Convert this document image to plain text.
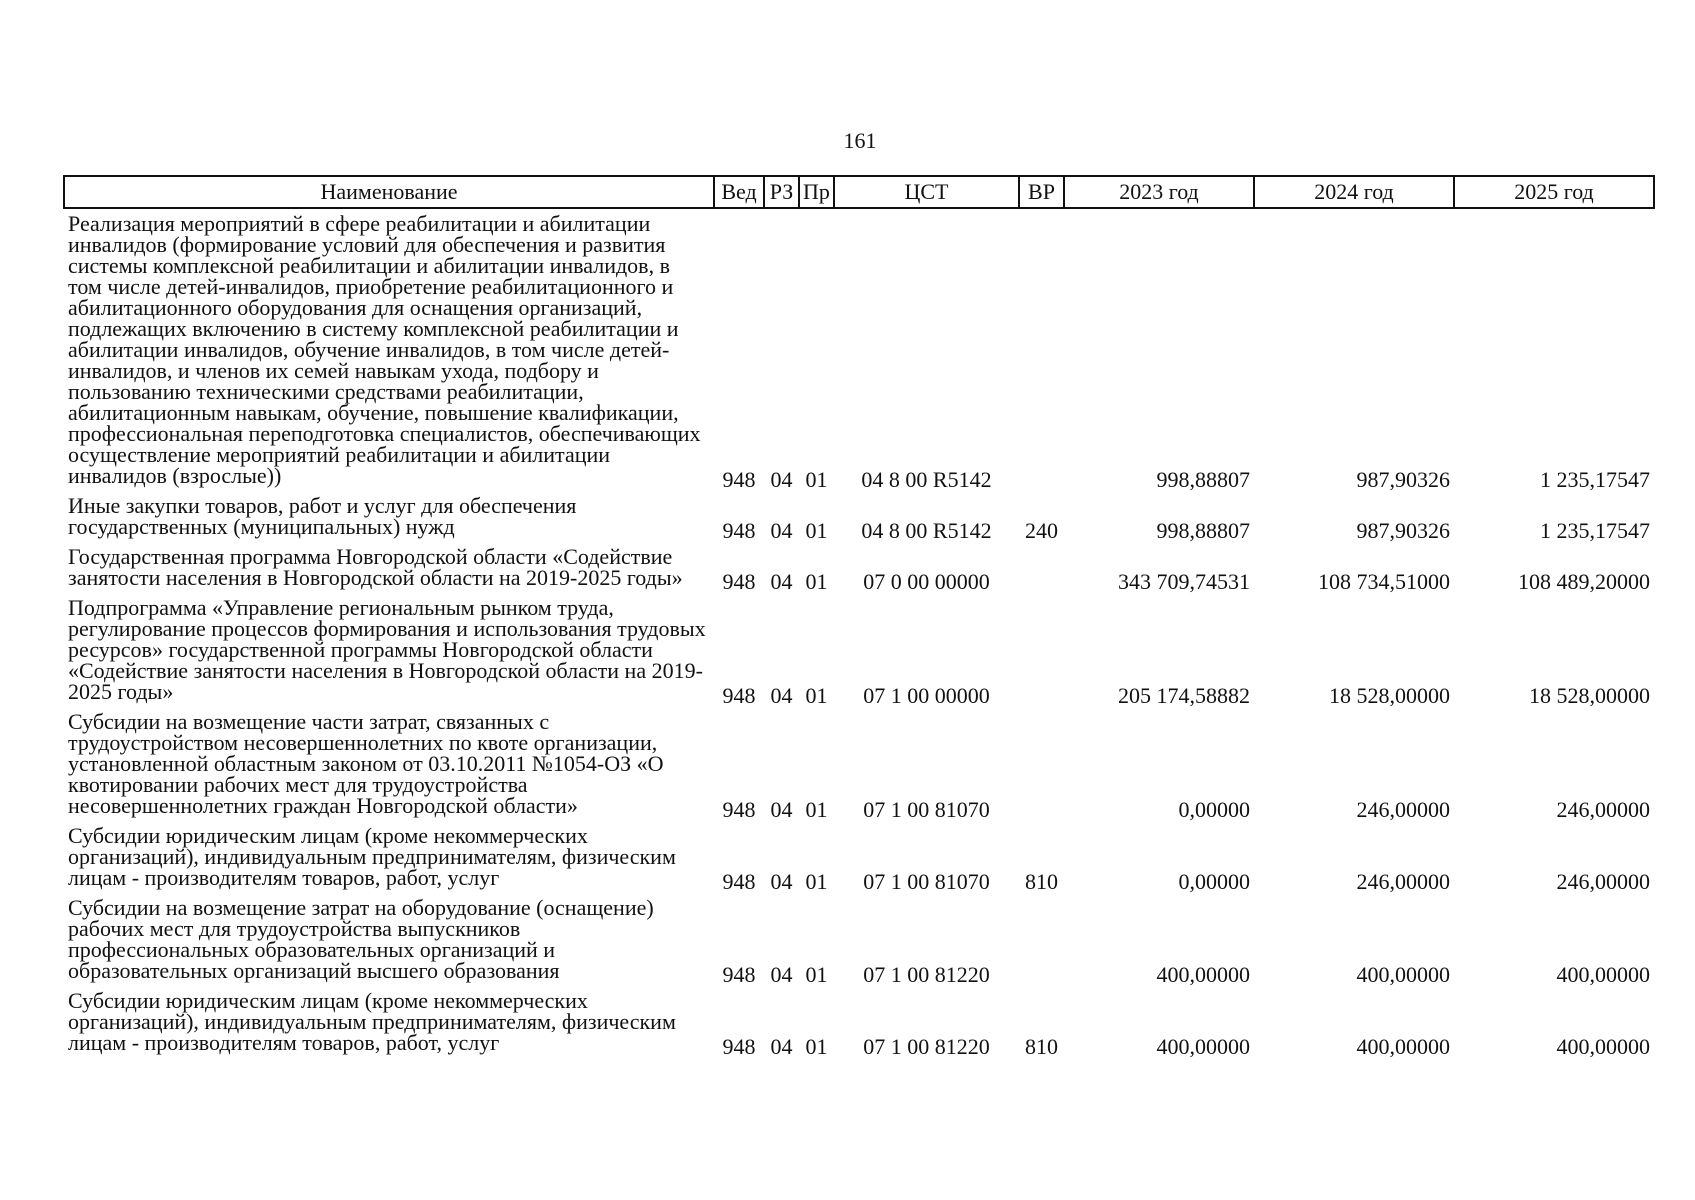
161
Наименование	Вед	РЗ	Пр	ЦСТ	ВР	2023 год	2024 год	2025 год
Реализация мероприятий в сфере реабилитации и абилитации инвалидов (формирование условий для обеспечения и развития системы комплексной реабилитации и абилитации инвалидов, в том числе детей-инвалидов, приобретение реабилитационного и абилитационного оборудования для оснащения организаций, подлежащих включению в систему комплексной реабилитации и абилитации инвалидов, обучение инвалидов, в том числе детей-инвалидов, и членов их семей навыкам ухода, подбору и пользованию техническими средствами реабилитации, абилитационным навыкам, обучение, повышение квалификации, профессиональная переподготовка специалистов, обеспечивающих осуществление мероприятий реабилитации и абилитации инвалидов (взрослые))	948	04	01	04 8 00 R5142		998,88807	987,90326	1 235,17547
Иные закупки товаров, работ и услуг для обеспечения государственных (муниципальных) нужд	948	04	01	04 8 00 R5142	240	998,88807	987,90326	1 235,17547
Государственная программа Новгородской области «Содействие занятости населения в Новгородской области на 2019-2025 годы»	948	04	01	07 0 00 00000		343 709,74531	108 734,51000	108 489,20000
Подпрограмма «Управление региональным рынком труда, регулирование процессов формирования и использования трудовых ресурсов» государственной программы Новгородской области «Содействие занятости населения в Новгородской области на 2019-2025 годы»	948	04	01	07 1 00 00000		205 174,58882	18 528,00000	18 528,00000
Субсидии на возмещение части затрат, связанных с трудоустройством несовершеннолетних по квоте организации, установленной областным законом от 03.10.2011 №1054-ОЗ «О квотировании рабочих мест для трудоустройства несовершеннолетних граждан Новгородской области»	948	04	01	07 1 00 81070		0,00000	246,00000	246,00000
Субсидии юридическим лицам (кроме некоммерческих организаций), индивидуальным предпринимателям, физическим лицам - производителям товаров, работ, услуг	948	04	01	07 1 00 81070	810	0,00000	246,00000	246,00000
Субсидии на возмещение затрат на оборудование (оснащение) рабочих мест для трудоустройства выпускников профессиональных образовательных организаций и образовательных организаций высшего образования	948	04	01	07 1 00 81220		400,00000	400,00000	400,00000
Субсидии юридическим лицам (кроме некоммерческих организаций), индивидуальным предпринимателям, физическим лицам - производителям товаров, работ, услуг	948	04	01	07 1 00 81220	810	400,00000	400,00000	400,00000
